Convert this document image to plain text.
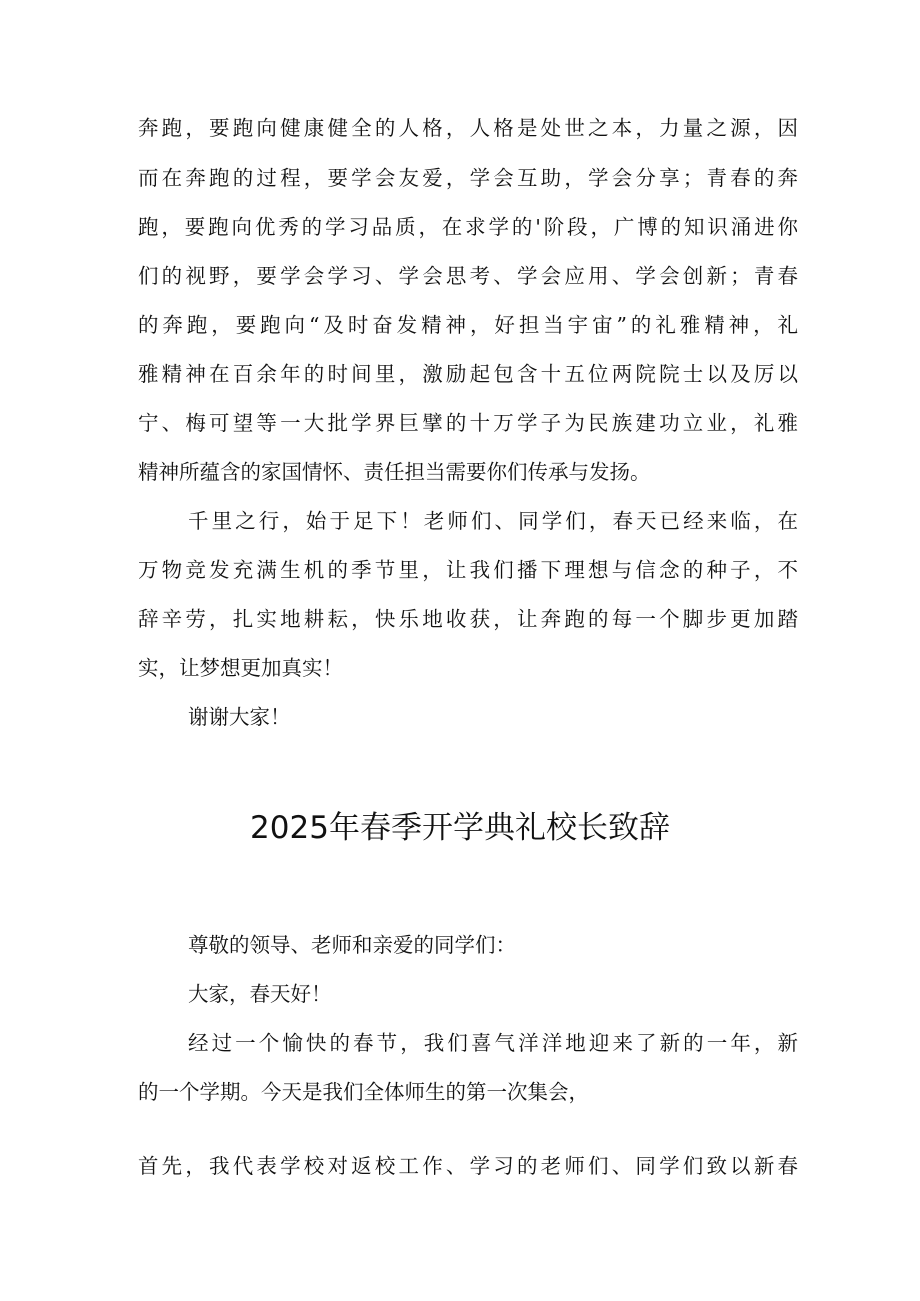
奔跑，要跑向健康健全的人格，人格是处世之本，力量之源，因
而在奔跑的过程，要学会友爱，学会互助，学会分享；青春的奔
跑，要跑向优秀的学习品质，在求学的'阶段，广博的知识涌进你
们的视野，要学会学习、学会思考、学会应用、学会创新；青春
的奔跑，要跑向“及时奋发精神，好担当宇宙”的礼雅精神，礼
雅精神在百余年的时间里，激励起包含十五位两院院士以及厉以
宁、梅可望等一大批学界巨擘的十万学子为民族建功立业，礼雅
精神所蕴含的家国情怀、责任担当需要你们传承与发扬。
千里之行，始于足下！老师们、同学们，春天已经来临，在
万物竞发充满生机的季节里，让我们播下理想与信念的种子，不
辞辛劳，扎实地耕耘，快乐地收获，让奔跑的每一个脚步更加踏
实，让梦想更加真实！
谢谢大家！
2025年春季开学典礼校长致辞
尊敬的领导、老师和亲爱的同学们：
大家，春天好！
经过一个愉快的春节，我们喜气洋洋地迎来了新的一年，新
的一个学期。今天是我们全体师生的第一次集会，
首先，我代表学校对返校工作、学习的老师们、同学们致以新春
